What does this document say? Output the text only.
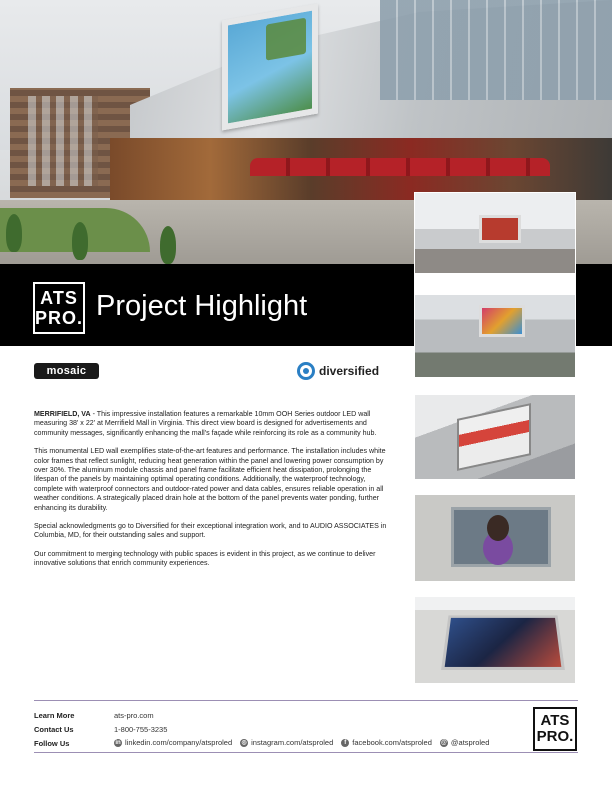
ATS
PRO. Project Highlight
mosaic	diversified

MERRIFIELD, VA - This impressive installation features a remarkable 10mm OOH Series outdoor LED wall measuring 38' x 22' at Merrifield Mall in Virginia. This direct view board is designed for advertisements and community messages, significantly enhancing the mall's façade while reinforcing its role as a community hub.

This monumental LED wall exemplifies state-of-the-art features and performance. The installation includes white color frames that reflect sunlight, reducing heat generation within the panel and lowering power consumption by over 30%. The aluminum module chassis and panel frame facilitate efficient heat dissipation, prolonging the lifespan of the panels by maintaining optimal operating conditions. Additionally, the waterproof technology, complete with waterproof connectors and outdoor-rated power and data cables, ensures reliable operation in all weather conditions. A strategically placed drain hole at the bottom of the panel prevents water ponding, further enhancing its durability.

Special acknowledgments go to Diversified for their exceptional integration work, and to AUDIO ASSOCIATES in Columbia, MD, for their outstanding sales and support.

Our commitment to merging technology with public spaces is evident in this project, as we continue to deliver innovative solutions that enrich community experiences.

Learn More	ats-pro.com
Contact Us	1-800-755-3235
Follow Us	in linkedin.com/company/atsproled ◎ instagram.com/atsproled	f facebook.com/atsproled @ @atsproled
ATS
PRO.
